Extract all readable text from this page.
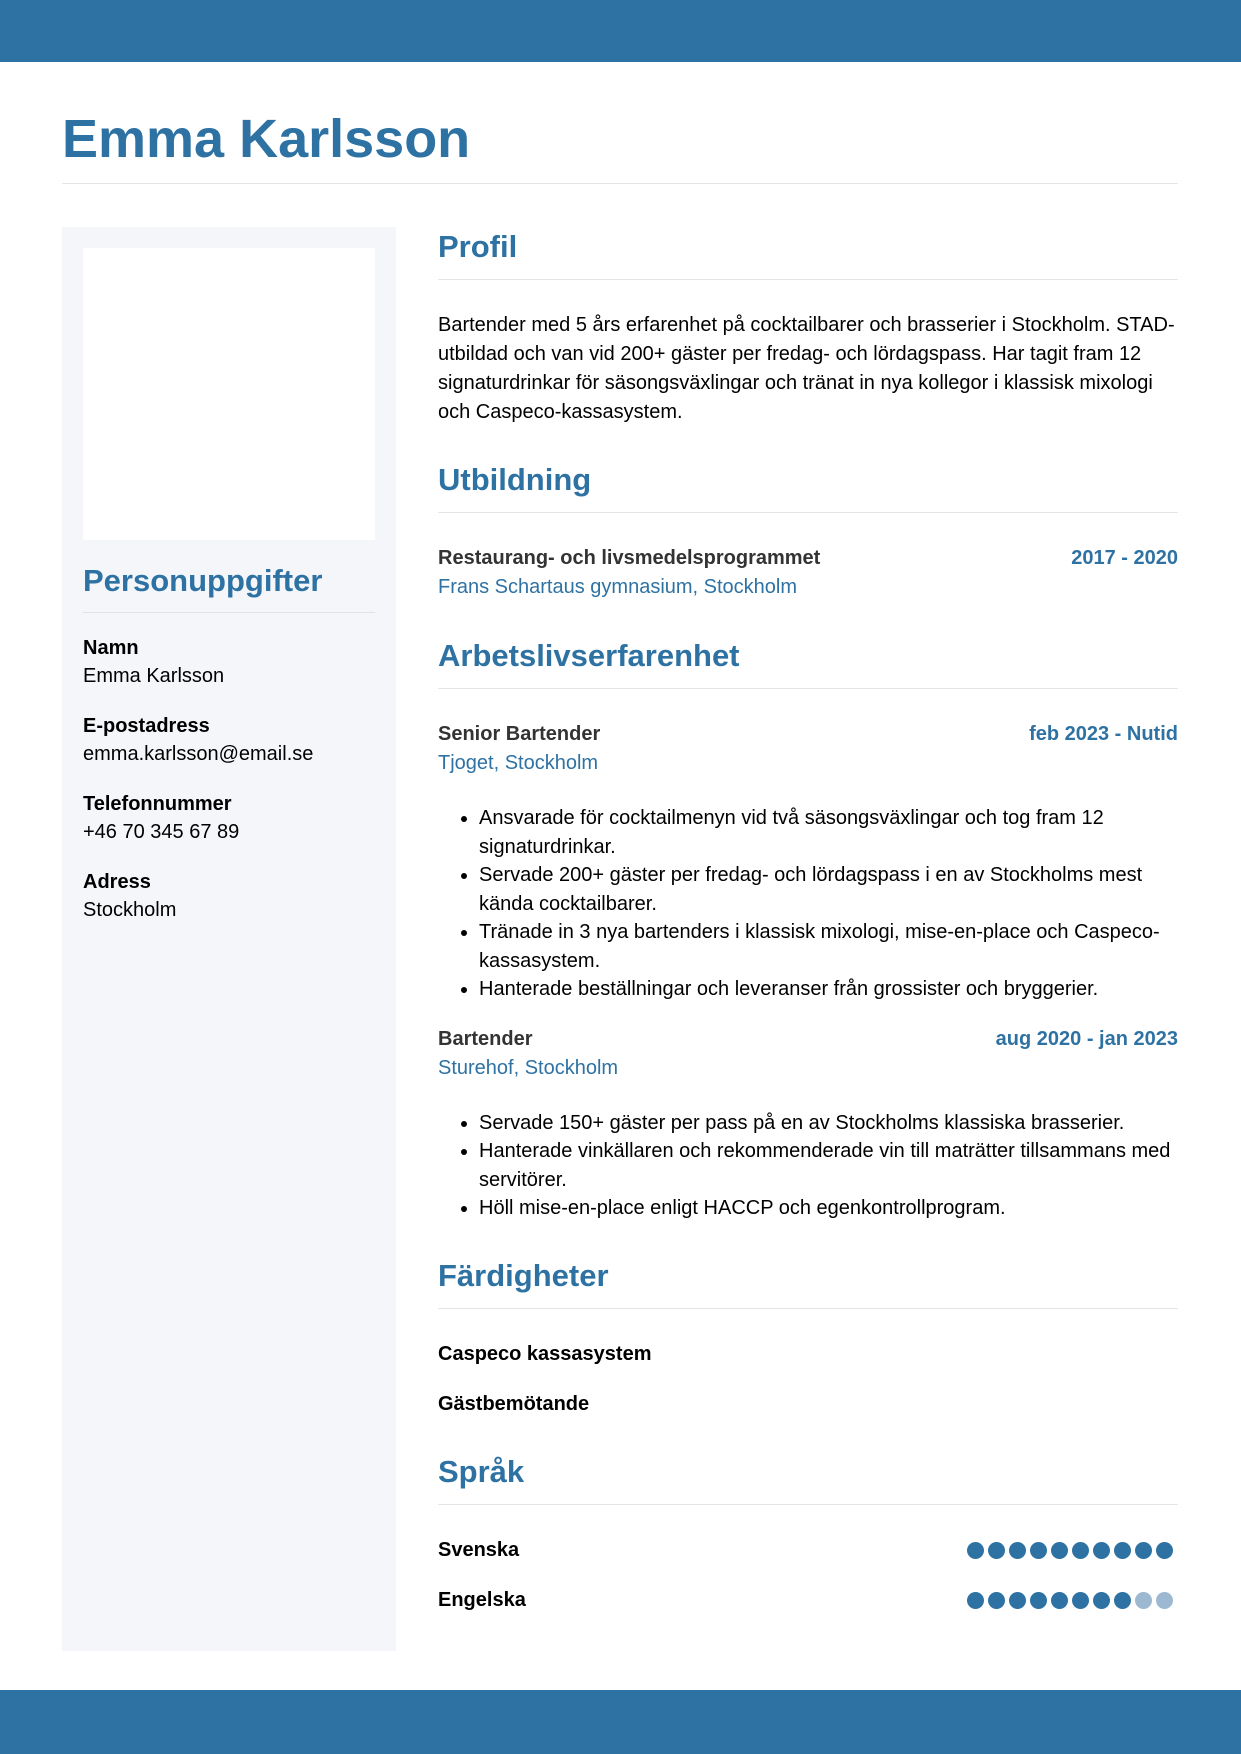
Emma Karlsson
Personuppgifter
Namn
Emma Karlsson
E-postadress
emma.karlsson@email.se
Telefonnummer
+46 70 345 67 89
Adress
Stockholm
Profil

Bartender med 5 års erfarenhet på cocktailbarer och brasserier i Stockholm. STAD-utbildad och van vid 200+ gäster per fredag- och lördagspass. Har tagit fram 12 signaturdrinkar för säsongsväxlingar och tränat in nya kollegor i klassisk mixologi och Caspeco-kassasystem.

Utbildning
Restaurang- och livsmedelsprogrammet	2017 - 2020
Frans Schartaus gymnasium, Stockholm
Arbetslivserfarenhet
Senior Bartender	feb 2023 - Nutid
Tjoget, Stockholm
• Ansvarade för cocktailmenyn vid två säsongsväxlingar och tog fram 12 signaturdrinkar.
• Servade 200+ gäster per fredag- och lördagspass i en av Stockholms mest kända cocktailbarer.
• Tränade in 3 nya bartenders i klassisk mixologi, mise-en-place och Caspeco-kassasystem.
• Hanterade beställningar och leveranser från grossister och bryggerier.
Bartender	aug 2020 - jan 2023
Sturehof, Stockholm
• Servade 150+ gäster per pass på en av Stockholms klassiska brasserier.
• Hanterade vinkällaren och rekommenderade vin till maträtter tillsammans med servitörer.
• Höll mise-en-place enligt HACCP och egenkontrollprogram.
Färdigheter
Caspeco kassasystem
Gästbemötande
Språk
Svenska
Engelska
